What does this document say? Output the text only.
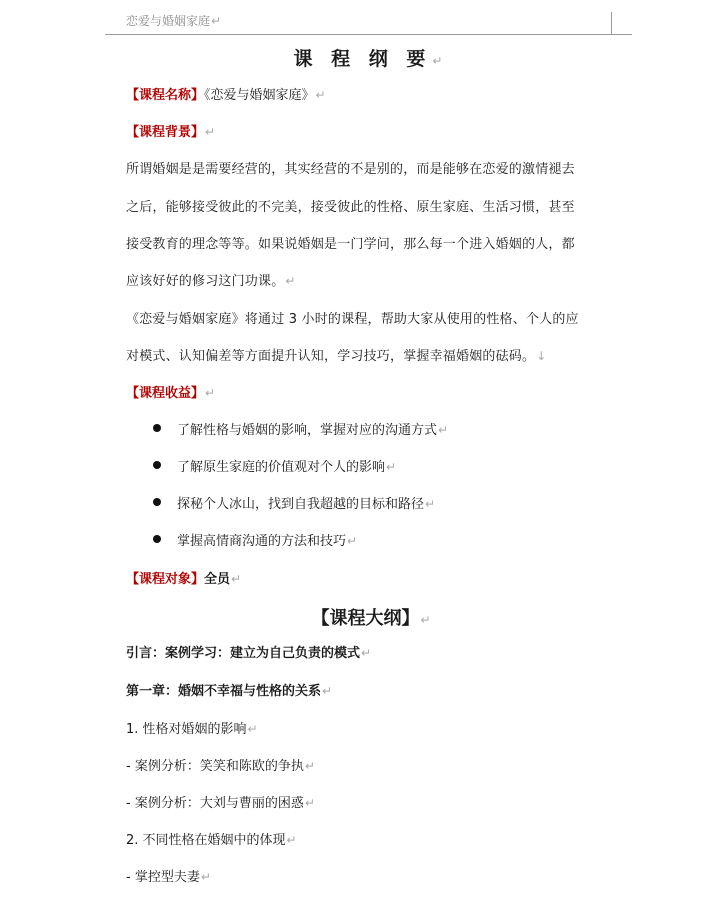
恋爱与婚姻家庭↵
课 程 纲 要↵
【课程名称】《恋爱与婚姻家庭》↵
【课程背景】↵
所谓婚姻是是需要经营的，其实经营的不是别的，而是能够在恋爱的激情褪去
之后，能够接受彼此的不完美，接受彼此的性格、原生家庭、生活习惯，甚至
接受教育的理念等等。如果说婚姻是一门学问，那么每一个进入婚姻的人，都
应该好好的修习这门功课。↵
《恋爱与婚姻家庭》将通过 3 小时的课程，帮助大家从使用的性格、个人的应
对模式、认知偏差等方面提升认知，学习技巧，掌握幸福婚姻的砝码。↓
【课程收益】↵
了解性格与婚姻的影响，掌握对应的沟通方式↵
了解原生家庭的价值观对个人的影响↵
探秘个人冰山，找到自我超越的目标和路径↵
掌握高情商沟通的方法和技巧↵
【课程对象】全员↵
【课程大纲】↵
引言：案例学习：建立为自己负责的模式↵
第一章：婚姻不幸福与性格的关系↵
1. 性格对婚姻的影响↵
- 案例分析：笑笑和陈欧的争执↵
- 案例分析：大刘与曹丽的困惑↵
2. 不同性格在婚姻中的体现↵
- 掌控型夫妻↵
